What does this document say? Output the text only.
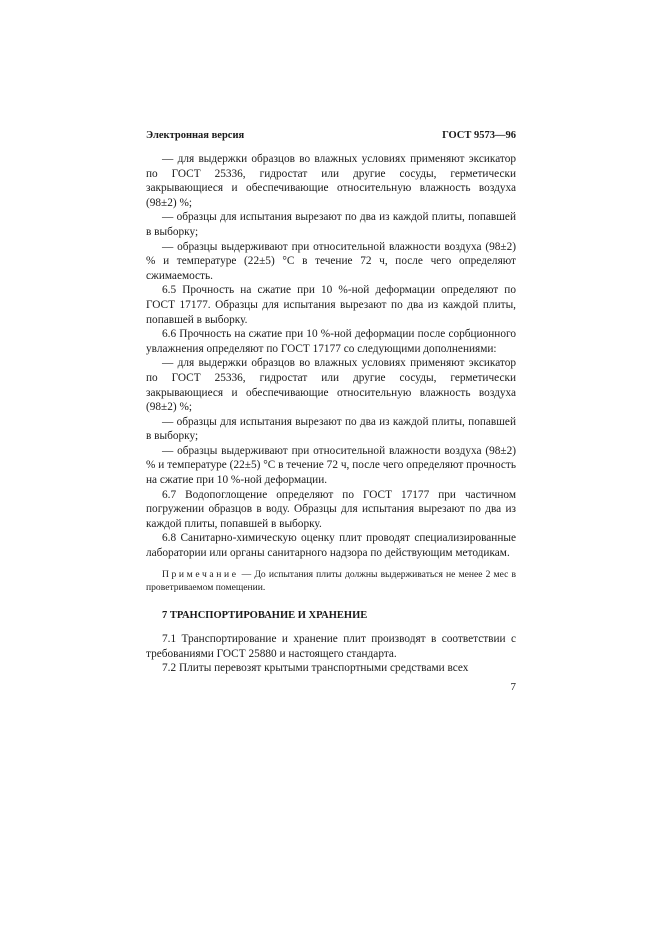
Электронная версия	ГОСТ 9573—96

— для выдержки образцов во влажных условиях применяют эксикатор по ГОСТ 25336, гидростат или другие сосуды, герметически закрывающиеся и обеспечивающие относительную влажность воздуха (98±2) %;

— образцы для испытания вырезают по два из каждой плиты, попавшей в выборку;

— образцы выдерживают при относительной влажности воздуха (98±2) % и температуре (22±5) °С в течение 72 ч, после чего определяют сжимаемость.

6.5 Прочность на сжатие при 10 %-ной деформации определяют по ГОСТ 17177. Образцы для испытания вырезают по два из каждой плиты, попавшей в выборку.

6.6 Прочность на сжатие при 10 %-ной деформации после сорбционного увлажнения определяют по ГОСТ 17177 со следующими дополнениями:

— для выдержки образцов во влажных условиях применяют эксикатор по ГОСТ 25336, гидростат или другие сосуды, герметически закрывающиеся и обеспечивающие относительную влажность воздуха (98±2) %;

— образцы для испытания вырезают по два из каждой плиты, попавшей в выборку;

— образцы выдерживают при относительной влажности воздуха (98±2) % и температуре (22±5) °С в течение 72 ч, после чего определяют прочность на сжатие при 10 %-ной деформации.

6.7 Водопоглощение определяют по ГОСТ 17177 при частичном погружении образцов в воду. Образцы для испытания вырезают по два из каждой плиты, попавшей в выборку.

6.8 Санитарно-химическую оценку плит проводят специализированные лаборатории или органы санитарного надзора по действующим методикам.

Примечание — До испытания плиты должны выдерживаться не менее 2 мес в проветриваемом помещении.

7 ТРАНСПОРТИРОВАНИЕ И ХРАНЕНИЕ

7.1 Транспортирование и хранение плит производят в соответствии с требованиями ГОСТ 25880 и настоящего стандарта.

7.2 Плиты перевозят крытыми транспортными средствами всех

7
